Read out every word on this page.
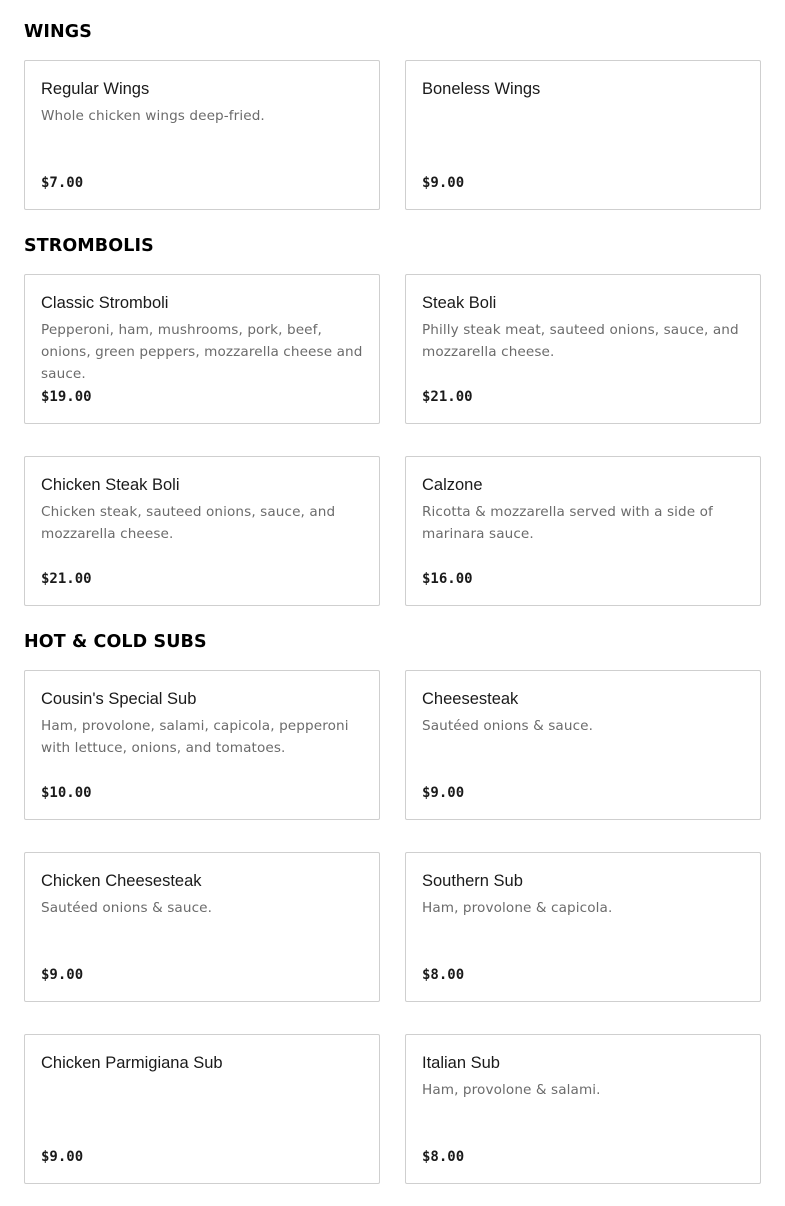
WINGS
Regular Wings
Whole chicken wings deep-fried.
$7.00
Boneless Wings
$9.00
STROMBOLIS
Classic Stromboli
Pepperoni, ham, mushrooms, pork, beef, onions, green peppers, mozzarella cheese and sauce.
$19.00
Steak Boli
Philly steak meat, sauteed onions, sauce, and mozzarella cheese.
$21.00
Chicken Steak Boli
Chicken steak, sauteed onions, sauce, and mozzarella cheese.
$21.00
Calzone
Ricotta & mozzarella served with a side of marinara sauce.
$16.00
HOT & COLD SUBS
Cousin's Special Sub
Ham, provolone, salami, capicola, pepperoni with lettuce, onions, and tomatoes.
$10.00
Cheesesteak
Sautéed onions & sauce.
$9.00
Chicken Cheesesteak
Sautéed onions & sauce.
$9.00
Southern Sub
Ham, provolone & capicola.
$8.00
Chicken Parmigiana Sub
$9.00
Italian Sub
Ham, provolone & salami.
$8.00
